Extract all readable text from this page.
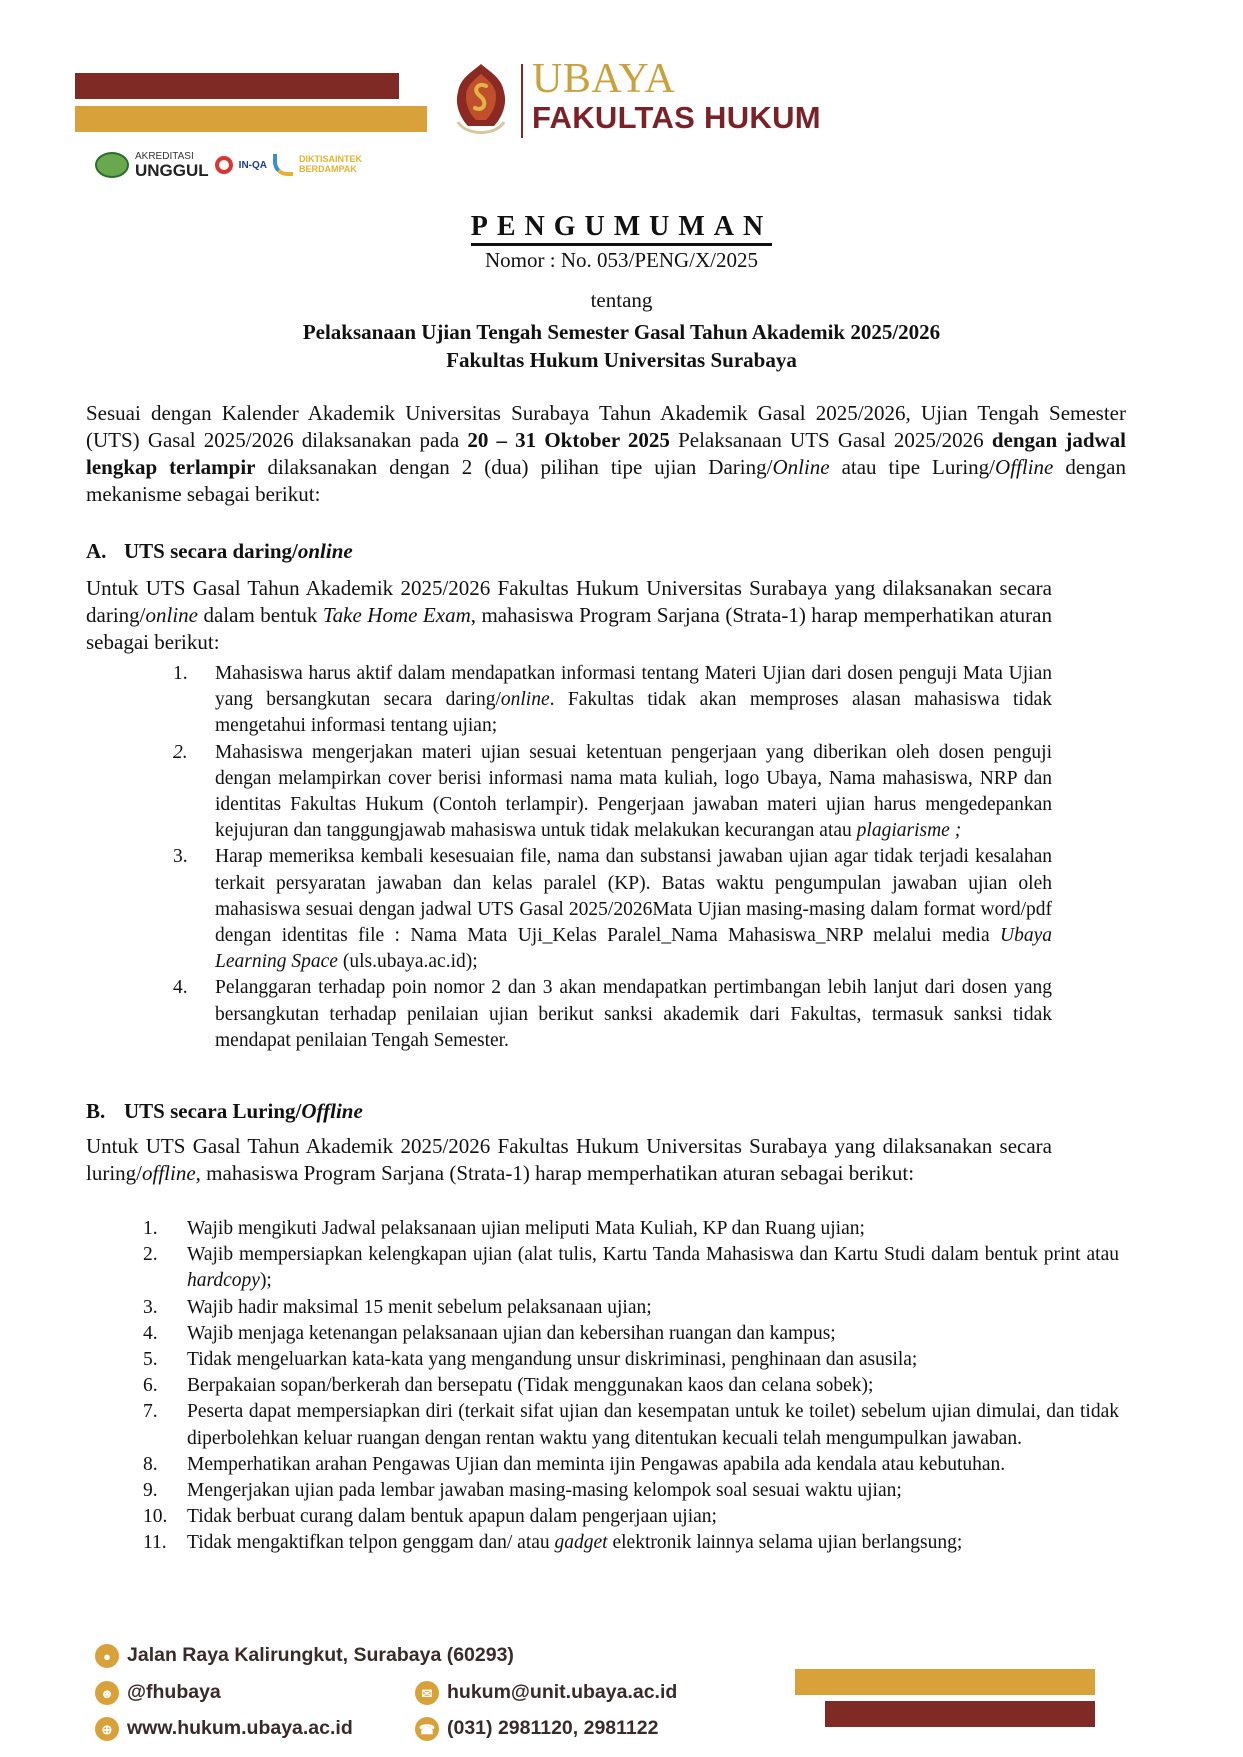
UBAYA
FAKULTAS HUKUM
AKREDITASI
UNGGUL	IN-QA
DIKTISAINTEK
BERDAMPAK
PENGUMUMAN
Nomor : No. 053/PENG/X/2025
tentang
Pelaksanaan Ujian Tengah Semester Gasal Tahun Akademik 2025/2026
Fakultas Hukum Universitas Surabaya
Sesuai dengan Kalender Akademik Universitas Surabaya Tahun Akademik Gasal 2025/2026, Ujian Tengah Semester (UTS) Gasal 2025/2026 dilaksanakan pada 20 – 31 Oktober 2025 Pelaksanaan UTS Gasal 2025/2026 dengan jadwal lengkap terlampir dilaksanakan dengan 2 (dua) pilihan tipe ujian Daring/Online atau tipe Luring/Offline dengan mekanisme sebagai berikut:
A. UTS secara daring/online
Untuk UTS Gasal Tahun Akademik 2025/2026 Fakultas Hukum Universitas Surabaya yang dilaksanakan secara daring/online dalam bentuk Take Home Exam, mahasiswa Program Sarjana (Strata-1) harap memperhatikan aturan sebagai berikut:
1.	Mahasiswa harus aktif dalam mendapatkan informasi tentang Materi Ujian dari dosen penguji Mata Ujian yang bersangkutan secara daring/online. Fakultas tidak akan memproses alasan mahasiswa tidak mengetahui informasi tentang ujian;
2.	Mahasiswa mengerjakan materi ujian sesuai ketentuan pengerjaan yang diberikan oleh dosen penguji dengan melampirkan cover berisi informasi nama mata kuliah, logo Ubaya, Nama mahasiswa, NRP dan identitas Fakultas Hukum (Contoh terlampir). Pengerjaan jawaban materi ujian harus mengedepankan kejujuran dan tanggungjawab mahasiswa untuk tidak melakukan kecurangan atau plagiarisme ;
3.	Harap memeriksa kembali kesesuaian file, nama dan substansi jawaban ujian agar tidak terjadi kesalahan terkait persyaratan jawaban dan kelas paralel (KP). Batas waktu pengumpulan jawaban ujian oleh mahasiswa sesuai dengan jadwal UTS Gasal 2025/2026Mata Ujian masing-masing dalam format word/pdf dengan identitas file : Nama Mata Uji_Kelas Paralel_Nama Mahasiswa_NRP melalui media Ubaya Learning Space (uls.ubaya.ac.id);
4.	Pelanggaran terhadap poin nomor 2 dan 3 akan mendapatkan pertimbangan lebih lanjut dari dosen yang bersangkutan terhadap penilaian ujian berikut sanksi akademik dari Fakultas, termasuk sanksi tidak mendapat penilaian Tengah Semester.
B. UTS secara Luring/Offline
Untuk UTS Gasal Tahun Akademik 2025/2026 Fakultas Hukum Universitas Surabaya yang dilaksanakan secara luring/offline, mahasiswa Program Sarjana (Strata-1) harap memperhatikan aturan sebagai berikut:
1.	Wajib mengikuti Jadwal pelaksanaan ujian meliputi Mata Kuliah, KP dan Ruang ujian;
2.	Wajib mempersiapkan kelengkapan ujian (alat tulis, Kartu Tanda Mahasiswa dan Kartu Studi dalam bentuk print atau hardcopy);
3.	Wajib hadir maksimal 15 menit sebelum pelaksanaan ujian;
4.	Wajib menjaga ketenangan pelaksanaan ujian dan kebersihan ruangan dan kampus;
5.	Tidak mengeluarkan kata-kata yang mengandung unsur diskriminasi, penghinaan dan asusila;
6.	Berpakaian sopan/berkerah dan bersepatu (Tidak menggunakan kaos dan celana sobek);
7.	Peserta dapat mempersiapkan diri (terkait sifat ujian dan kesempatan untuk ke toilet) sebelum ujian dimulai, dan tidak diperbolehkan keluar ruangan dengan rentan waktu yang ditentukan kecuali telah mengumpulkan jawaban.
8.	Memperhatikan arahan Pengawas Ujian dan meminta ijin Pengawas apabila ada kendala atau kebutuhan.
9.	Mengerjakan ujian pada lembar jawaban masing-masing kelompok soal sesuai waktu ujian;
10. Tidak berbuat curang dalam bentuk apapun dalam pengerjaan ujian;
11.	Tidak mengaktifkan telpon genggam dan/ atau gadget elektronik lainnya selama ujian berlangsung;
● Jalan Raya Kalirungkut, Surabaya (60293)
☻ @fhubaya	✉ hukum@unit.ubaya.ac.id
⊕ www.hukum.ubaya.ac.id	☎ (031) 2981120, 2981122
